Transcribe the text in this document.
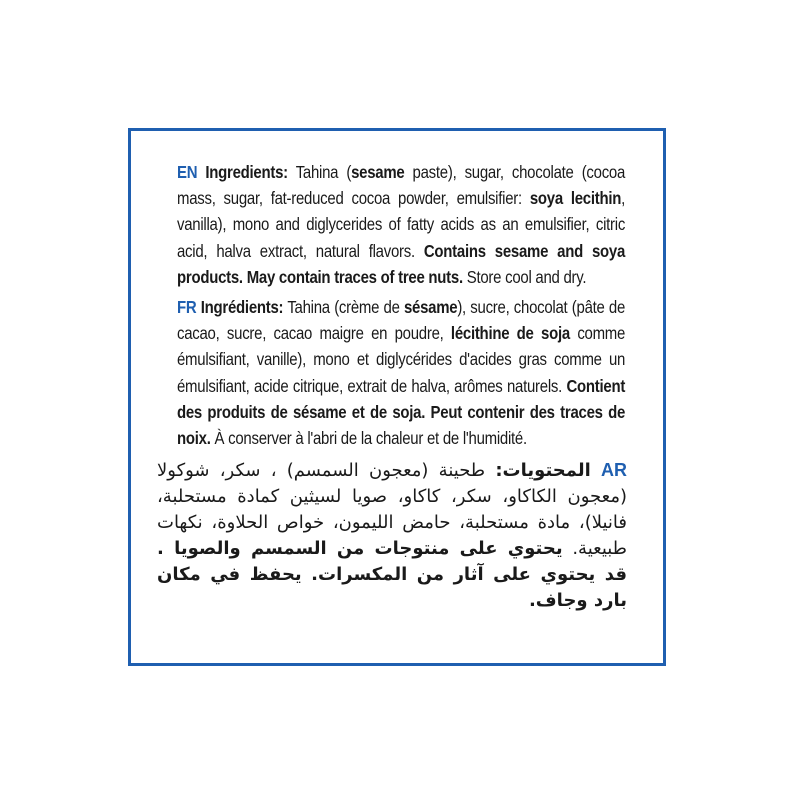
EN Ingredients: Tahina (sesame paste), sugar, chocolate (cocoa mass, sugar, fat-reduced cocoa powder, emulsifier: soya lecithin, vanilla), mono and diglycerides of fatty acids as an emulsifier, citric acid, halva extract, natural flavors. Contains sesame and soya products. May contain traces of tree nuts. Store cool and dry.
FR Ingrédients: Tahina (crème de sésame), sucre, chocolat (pâte de cacao, sucre, cacao maigre en poudre, lécithine de soja comme émulsifiant, vanille), mono et diglycérides d'acides gras comme un émulsifiant, acide citrique, extrait de halva, arômes naturels. Contient des produits de sésame et de soja. Peut contenir des traces de noix. À conserver à l'abri de la chaleur et de l'humidité.
AR المحتويات: طحينة (معجون السمسم) ، سكر، شوكولا (معجون الكاكاو، سكر، كاكاو، صويا لسيثين كمادة مستحلبة، فانيلا)، مادة مستحلبة، حامض الليمون، خواص الحلاوة، نكهات طبيعية. يحتوي على منتوجات من السمسم والصويا . قد يحتوي على آثار من المكسرات. يحفظ في مكان بارد وجاف.
